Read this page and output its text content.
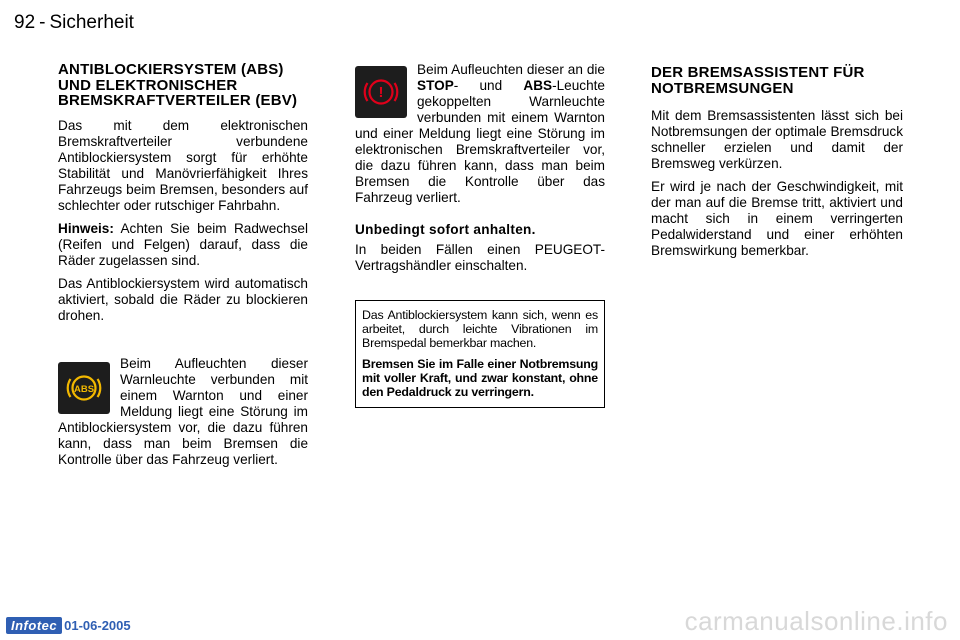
92 - Sicherheit
ANTIBLOCKIERSYSTEM (ABS) UND ELEKTRONISCHER BREMSKRAFTVERTEILER (EBV)

Das mit dem elektronischen Bremskraftverteiler verbundene Antiblockiersystem sorgt für erhöhte Stabilität und Manövrierfähigkeit Ihres Fahrzeugs beim Bremsen, besonders auf schlechter oder rutschiger Fahrbahn.

Hinweis: Achten Sie beim Radwechsel (Reifen und Felgen) darauf, dass die Räder zugelassen sind.

Das Antiblockiersystem wird automatisch aktiviert, sobald die Räder zu blockieren drohen.

ABS

Beim Aufleuchten dieser Warnleuchte verbunden mit einem Warnton und einer Meldung liegt eine Störung im Antiblockiersystem vor, die dazu führen kann, dass man beim Bremsen die Kontrolle über das Fahrzeug verliert.

!

Beim Aufleuchten dieser an die STOP- und ABS-Leuchte gekoppelten Warnleuchte verbunden mit einem Warnton und einer Meldung liegt eine Störung im elektronischen Bremskraftverteiler vor, die dazu führen kann, dass man beim Bremsen die Kontrolle über das Fahrzeug verliert.

Unbedingt sofort anhalten.

In beiden Fällen einen PEUGEOT-Vertragshändler einschalten.

Das Antiblockiersystem kann sich, wenn es arbeitet, durch leichte Vibrationen im Bremspedal bemerkbar machen.

Bremsen Sie im Falle einer Notbremsung mit voller Kraft, und zwar konstant, ohne den Pedaldruck zu verringern.

DER BREMSASSISTENT FÜR NOTBREMSUNGEN

Mit dem Bremsassistenten lässt sich bei Notbremsungen der optimale Bremsdruck schneller erzielen und damit der Bremsweg verkürzen.

Er wird je nach der Geschwindigkeit, mit der man auf die Bremse tritt, aktiviert und macht sich in einem verringerten Pedalwiderstand und einer erhöhten Bremswirkung bemerkbar.

Infotec 01-06-2005	carmanualsonline.info
